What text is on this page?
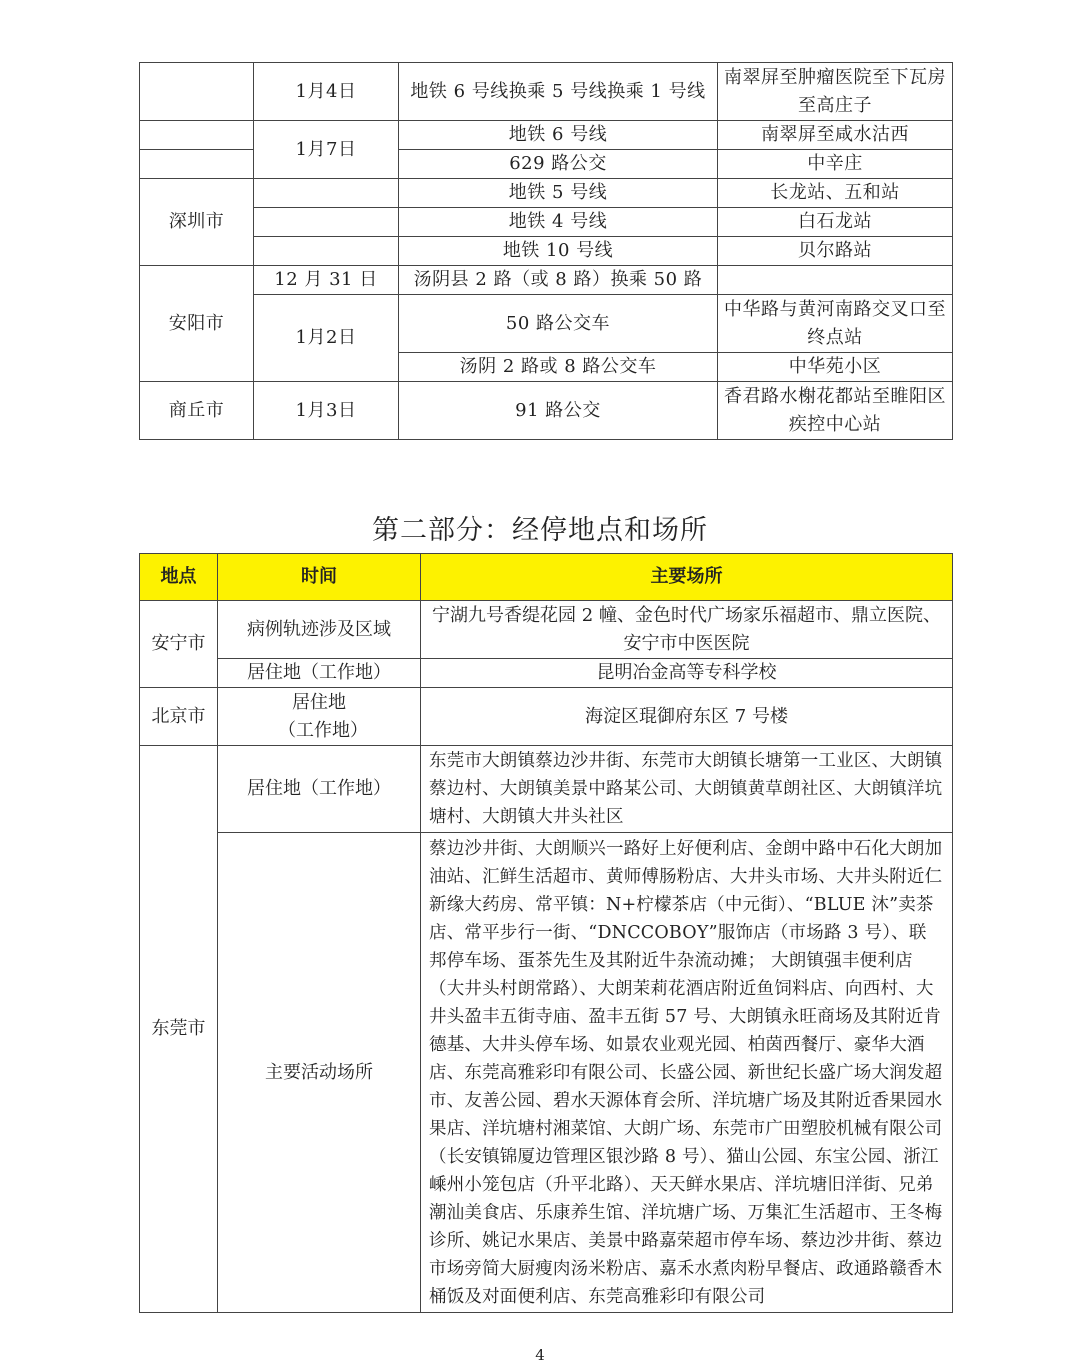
	1月4日	地铁 6 号线换乘 5 号线换乘 1 号线	南翠屏至肿瘤医院至下瓦房至高庄子
	1月7日	地铁 6 号线	南翠屏至咸水沽西
		629 路公交	中辛庄
深圳市		地铁 5 号线	长龙站、五和站
		地铁 4 号线	白石龙站
		地铁 10 号线	贝尔路站
安阳市	12 月 31 日	汤阴县 2 路（或 8 路）换乘 50 路	
	1月2日	50 路公交车	中华路与黄河南路交叉口至终点站
		汤阴 2 路或 8 路公交车	中华苑小区
商丘市	1月3日	91 路公交	香君路水榭花都站至睢阳区疾控中心站
第二部分：经停地点和场所
地点	时间	主要场所
安宁市	病例轨迹涉及区域	宁湖九号香缇花园 2 幢、金色时代广场家乐福超市、鼎立医院、安宁市中医医院
	居住地（工作地）	昆明冶金高等专科学校
北京市	居住地（工作地）	海淀区琨御府东区 7 号楼
东莞市	居住地（工作地）	东莞市大朗镇蔡边沙井街、东莞市大朗镇长塘第一工业区、大朗镇蔡边村、大朗镇美景中路某公司、大朗镇黄草朗社区、大朗镇洋坑塘村、大朗镇大井头社区
	主要活动场所	蔡边沙井街、大朗顺兴一路好上好便利店、金朗中路中石化大朗加油站、汇鲜生活超市、黄师傅肠粉店、大井头市场、大井头附近仁新缘大药房、常平镇：N+柠檬茶店（中元街）、“BLUE 沐”卖茶店、常平步行一街、“DNCCOBOY”服饰店（市场路 3 号）、联邦停车场、蛋茶先生及其附近牛杂流动摊； 大朗镇强丰便利店（大井头村朗常路）、大朗茉莉花酒店附近鱼饲料店、向西村、大井头盈丰五街寺庙、盈丰五街 57 号、大朗镇永旺商场及其附近肯德基、大井头停车场、如景农业观光园、柏茵西餐厅、豪华大酒店、东莞高雅彩印有限公司、长盛公园、新世纪长盛广场大润发超市、友善公园、碧水天源体育会所、洋坑塘广场及其附近香果园水果店、洋坑塘村湘菜馆、大朗广场、东莞市广田塑胶机械有限公司（长安镇锦厦边管理区银沙路 8 号）、猫山公园、东宝公园、浙江嵊州小笼包店（升平北路）、天天鲜水果店、洋坑塘旧洋街、兄弟潮汕美食店、乐康养生馆、洋坑塘广场、万集汇生活超市、王冬梅诊所、姚记水果店、美景中路嘉荣超市停车场、蔡边沙井街、蔡边市场旁简大厨瘦肉汤米粉店、嘉禾水煮肉粉早餐店、政通路赣香木桶饭及对面便利店、东莞高雅彩印有限公司
4
